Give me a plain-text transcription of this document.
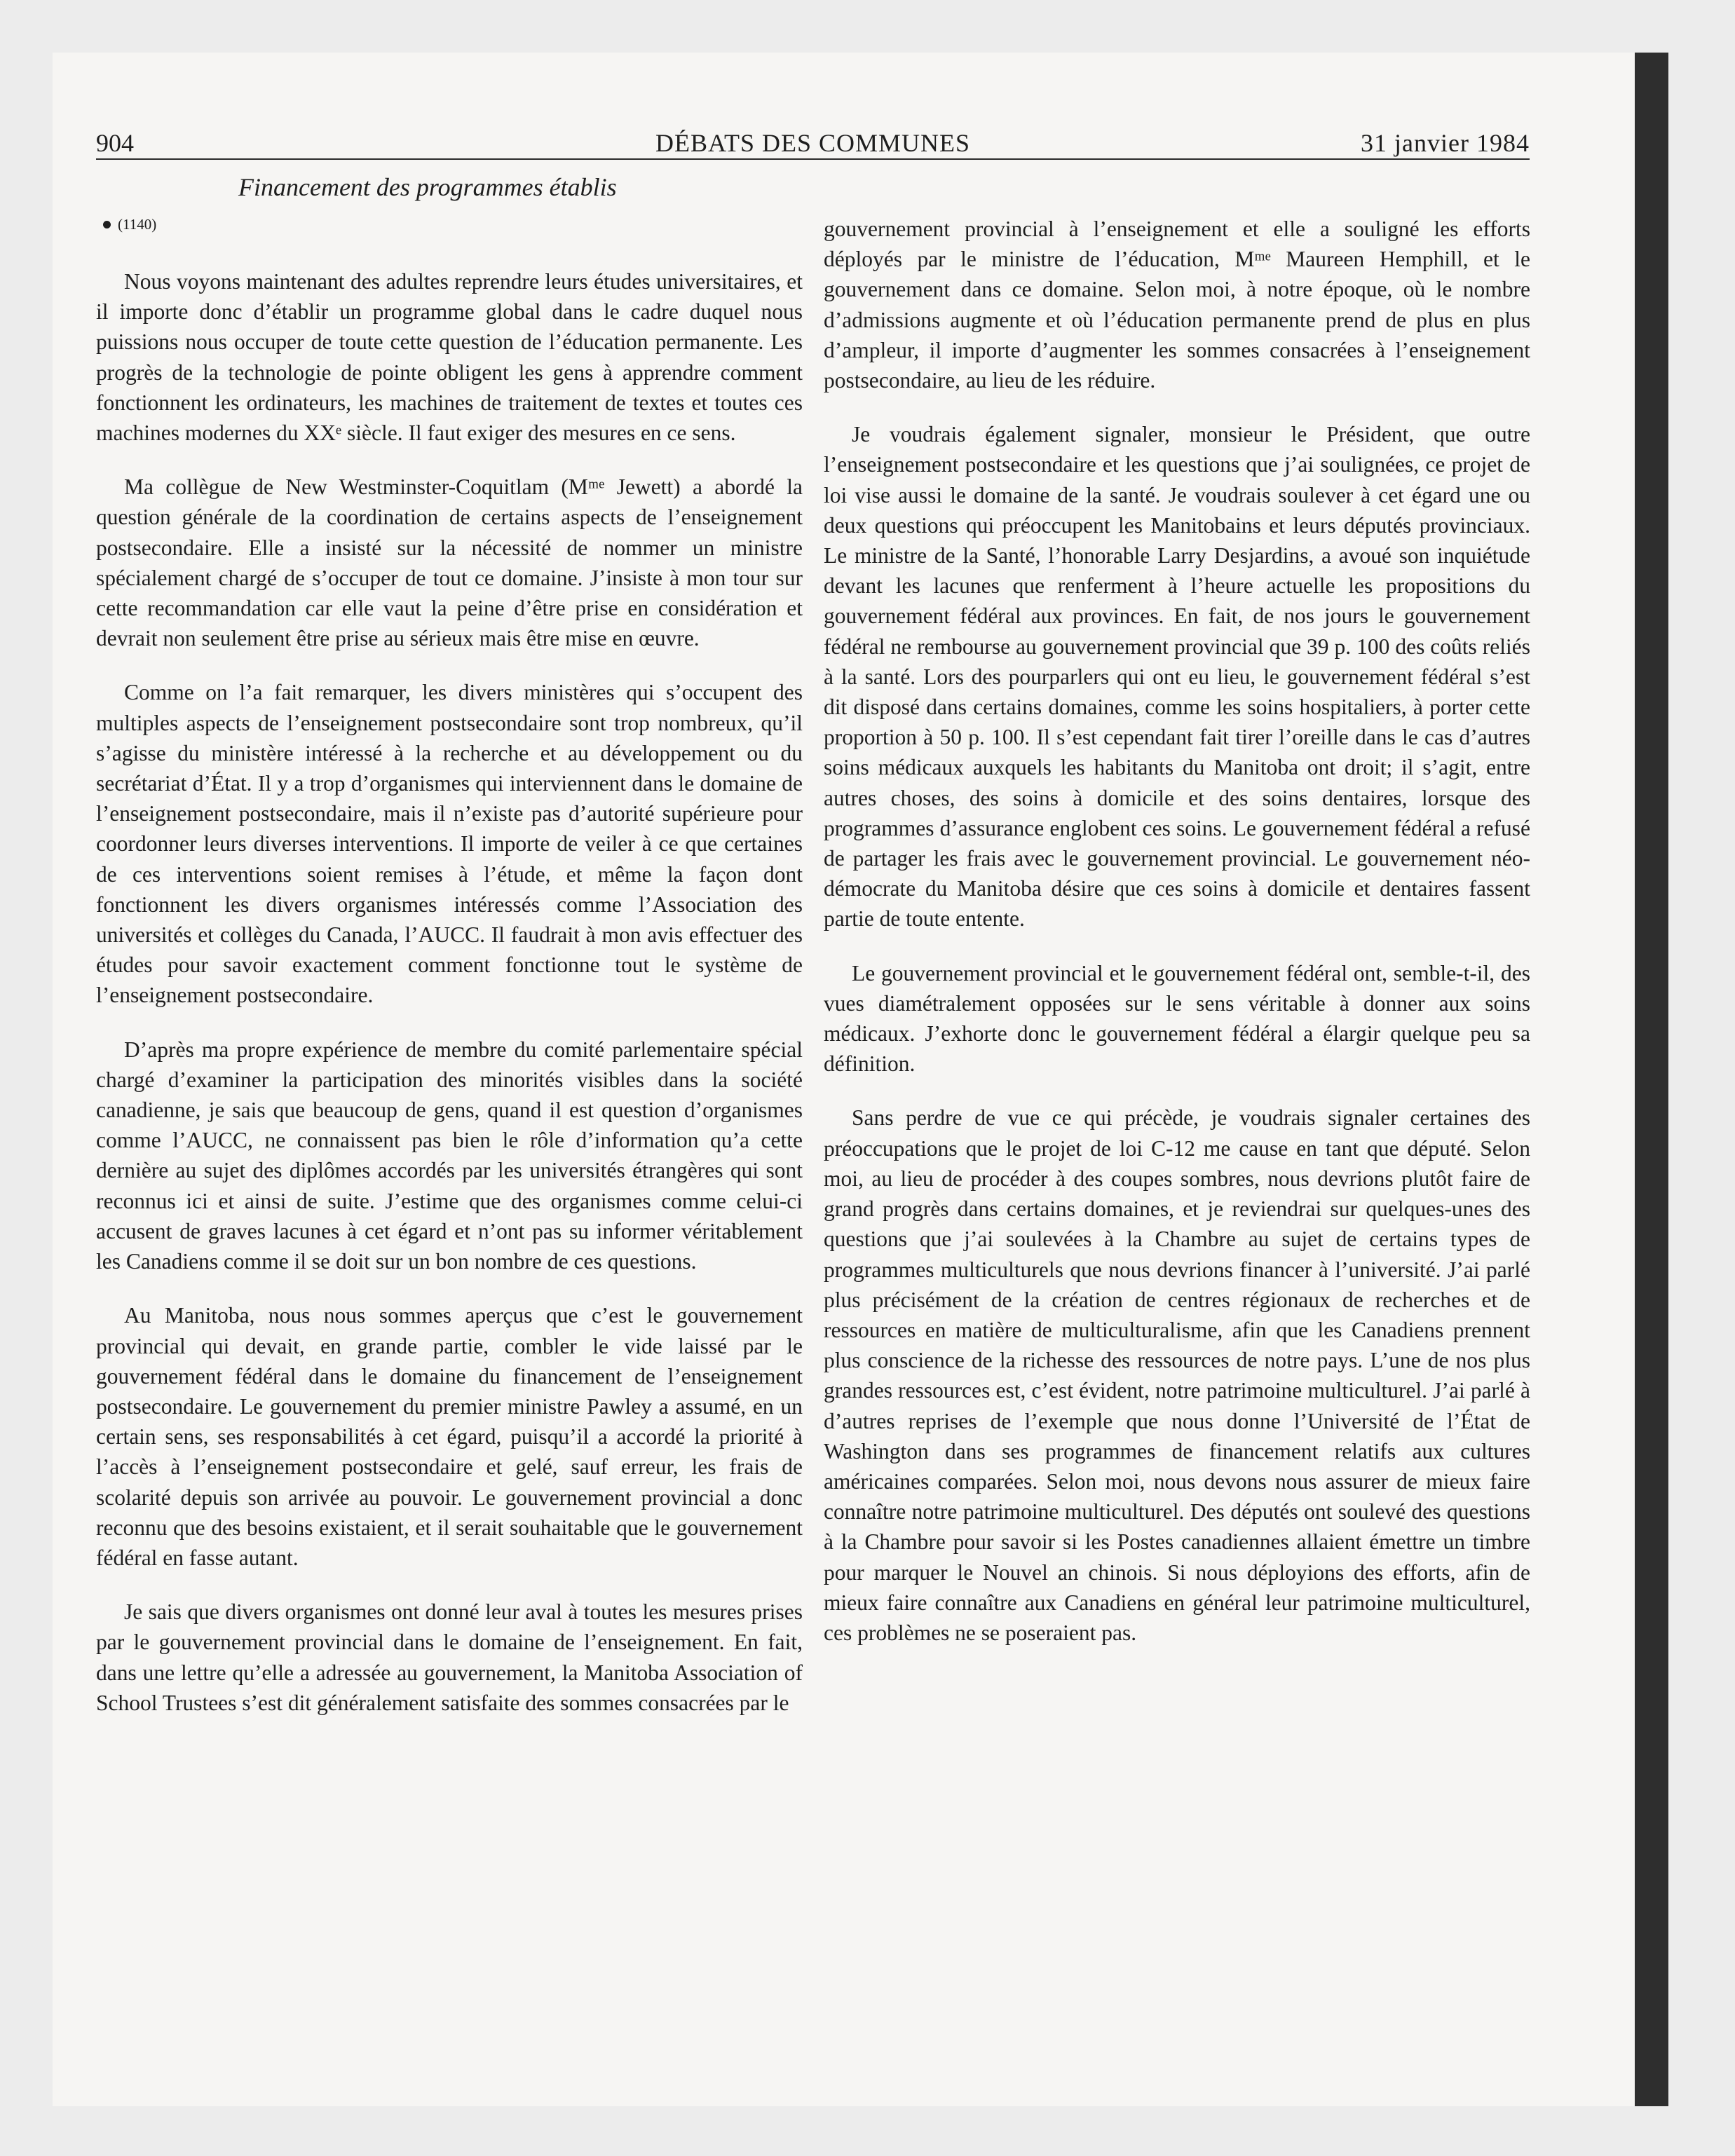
904	DÉBATS DES COMMUNES	31 janvier 1984
Financement des programmes établis
(1140)

Nous voyons maintenant des adultes reprendre leurs études universitaires, et il importe donc d’établir un programme global dans le cadre duquel nous puissions nous occuper de toute cette question de l’éducation permanente. Les progrès de la technologie de pointe obligent les gens à apprendre comment fonctionnent les ordinateurs, les machines de traitement de textes et toutes ces machines modernes du XXᵉ siècle. Il faut exiger des mesures en ce sens.

Ma collègue de New Westminster-Coquitlam (Mᵐᵉ Jewett) a abordé la question générale de la coordination de certains aspects de l’enseignement postsecondaire. Elle a insisté sur la nécessité de nommer un ministre spécialement chargé de s’occuper de tout ce domaine. J’insiste à mon tour sur cette recommandation car elle vaut la peine d’être prise en considération et devrait non seulement être prise au sérieux mais être mise en œuvre.

Comme on l’a fait remarquer, les divers ministères qui s’occupent des multiples aspects de l’enseignement postsecondaire sont trop nombreux, qu’il s’agisse du ministère intéressé à la recherche et au développement ou du secrétariat d’État. Il y a trop d’organismes qui interviennent dans le domaine de l’enseignement postsecondaire, mais il n’existe pas d’autorité supérieure pour coordonner leurs diverses interventions. Il importe de veiler à ce que certaines de ces interventions soient remises à l’étude, et même la façon dont fonctionnent les divers organismes intéressés comme l’Association des universités et collèges du Canada, l’AUCC. Il faudrait à mon avis effectuer des études pour savoir exactement comment fonctionne tout le système de l’enseignement postsecondaire.

D’après ma propre expérience de membre du comité parlementaire spécial chargé d’examiner la participation des minorités visibles dans la société canadienne, je sais que beaucoup de gens, quand il est question d’organismes comme l’AUCC, ne connaissent pas bien le rôle d’information qu’a cette dernière au sujet des diplômes accordés par les universités étrangères qui sont reconnus ici et ainsi de suite. J’estime que des organismes comme celui-ci accusent de graves lacunes à cet égard et n’ont pas su informer véritablement les Canadiens comme il se doit sur un bon nombre de ces questions.

Au Manitoba, nous nous sommes aperçus que c’est le gouvernement provincial qui devait, en grande partie, combler le vide laissé par le gouvernement fédéral dans le domaine du financement de l’enseignement postsecondaire. Le gouvernement du premier ministre Pawley a assumé, en un certain sens, ses responsabilités à cet égard, puisqu’il a accordé la priorité à l’accès à l’enseignement postsecondaire et gelé, sauf erreur, les frais de scolarité depuis son arrivée au pouvoir. Le gouvernement provincial a donc reconnu que des besoins existaient, et il serait souhaitable que le gouvernement fédéral en fasse autant.

Je sais que divers organismes ont donné leur aval à toutes les mesures prises par le gouvernement provincial dans le domaine de l’enseignement. En fait, dans une lettre qu’elle a adressée au gouvernement, la Manitoba Association of School Trustees s’est dit généralement satisfaite des sommes consacrées par le

gouvernement provincial à l’enseignement et elle a souligné les efforts déployés par le ministre de l’éducation, Mᵐᵉ Maureen Hemphill, et le gouvernement dans ce domaine. Selon moi, à notre époque, où le nombre d’admissions augmente et où l’éducation permanente prend de plus en plus d’ampleur, il importe d’augmenter les sommes consacrées à l’enseignement postsecondaire, au lieu de les réduire.

Je voudrais également signaler, monsieur le Président, que outre l’enseignement postsecondaire et les questions que j’ai soulignées, ce projet de loi vise aussi le domaine de la santé. Je voudrais soulever à cet égard une ou deux questions qui préoccupent les Manitobains et leurs députés provinciaux. Le ministre de la Santé, l’honorable Larry Desjardins, a avoué son inquiétude devant les lacunes que renferment à l’heure actuelle les propositions du gouvernement fédéral aux provinces. En fait, de nos jours le gouvernement fédéral ne rembourse au gouvernement provincial que 39 p. 100 des coûts reliés à la santé. Lors des pourparlers qui ont eu lieu, le gouvernement fédéral s’est dit disposé dans certains domaines, comme les soins hospitaliers, à porter cette proportion à 50 p. 100. Il s’est cependant fait tirer l’oreille dans le cas d’autres soins médicaux auxquels les habitants du Manitoba ont droit; il s’agit, entre autres choses, des soins à domicile et des soins dentaires, lorsque des programmes d’assurance englobent ces soins. Le gouvernement fédéral a refusé de partager les frais avec le gouvernement provincial. Le gouvernement néo-démocrate du Manitoba désire que ces soins à domicile et dentaires fassent partie de toute entente.

Le gouvernement provincial et le gouvernement fédéral ont, semble-t-il, des vues diamétralement opposées sur le sens véritable à donner aux soins médicaux. J’exhorte donc le gouvernement fédéral a élargir quelque peu sa définition.

Sans perdre de vue ce qui précède, je voudrais signaler certaines des préoccupations que le projet de loi C-12 me cause en tant que député. Selon moi, au lieu de procéder à des coupes sombres, nous devrions plutôt faire de grand progrès dans certains domaines, et je reviendrai sur quelques-unes des questions que j’ai soulevées à la Chambre au sujet de certains types de programmes multiculturels que nous devrions financer à l’université. J’ai parlé plus précisément de la création de centres régionaux de recherches et de ressources en matière de multiculturalisme, afin que les Canadiens prennent plus conscience de la richesse des ressources de notre pays. L’une de nos plus grandes ressources est, c’est évident, notre patrimoine multiculturel. J’ai parlé à d’autres reprises de l’exemple que nous donne l’Université de l’État de Washington dans ses programmes de financement relatifs aux cultures américaines comparées. Selon moi, nous devons nous assurer de mieux faire connaître notre patrimoine multiculturel. Des députés ont soulevé des questions à la Chambre pour savoir si les Postes canadiennes allaient émettre un timbre pour marquer le Nouvel an chinois. Si nous déployions des efforts, afin de mieux faire connaître aux Canadiens en général leur patrimoine multiculturel, ces problèmes ne se poseraient pas.
